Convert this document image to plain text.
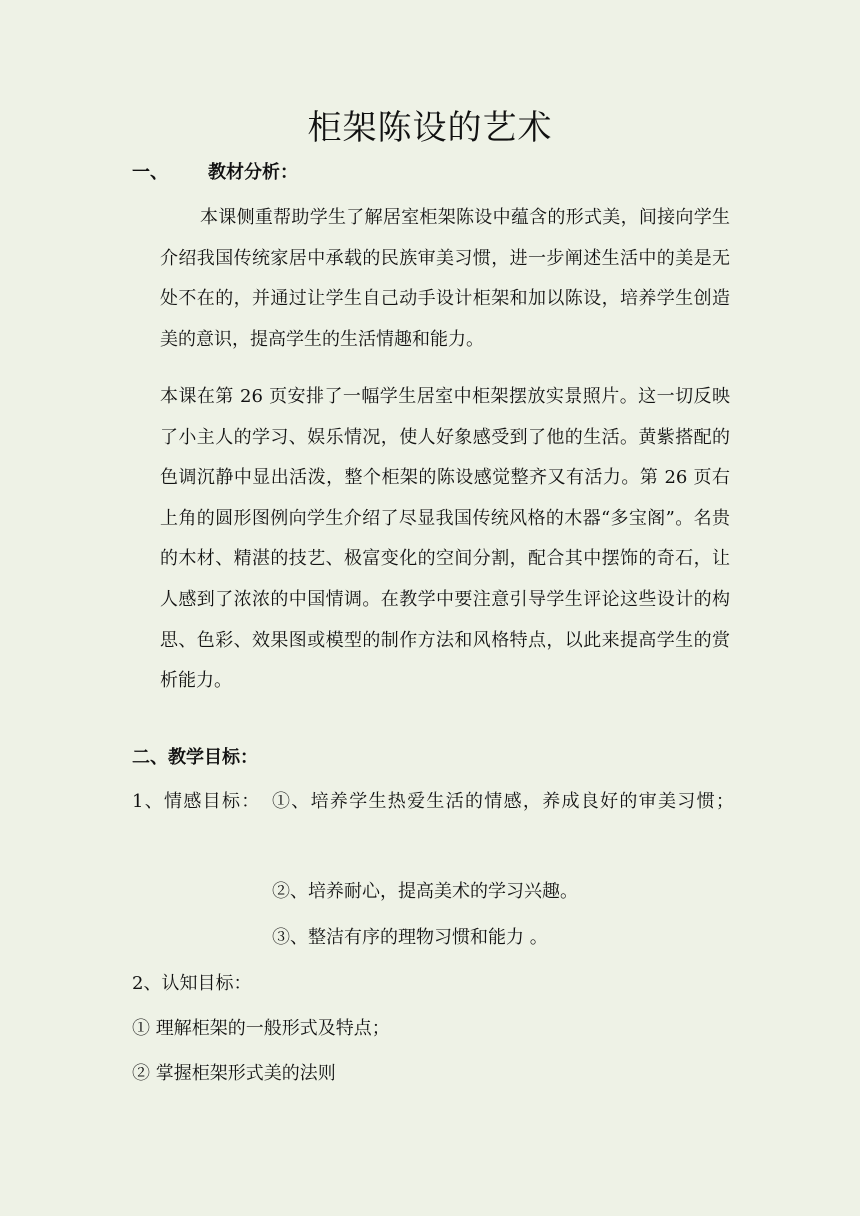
柜架陈设的艺术
一、 教材分析：
本课侧重帮助学生了解居室柜架陈设中蕴含的形式美，间接向学生介绍我国传统家居中承载的民族审美习惯，进一步阐述生活中的美是无处不在的，并通过让学生自己动手设计柜架和加以陈设，培养学生创造美的意识，提高学生的生活情趣和能力。
本课在第 26 页安排了一幅学生居室中柜架摆放实景照片。这一切反映了小主人的学习、娱乐情况，使人好象感受到了他的生活。黄紫搭配的色调沉静中显出活泼，整个柜架的陈设感觉整齐又有活力。第 26 页右上角的圆形图例向学生介绍了尽显我国传统风格的木器“多宝阁”。名贵的木材、精湛的技艺、极富变化的空间分割，配合其中摆饰的奇石，让人感到了浓浓的中国情调。在教学中要注意引导学生评论这些设计的构思、色彩、效果图或模型的制作方法和风格特点，以此来提高学生的赏析能力。
二、教学目标：
1、情感目标： ①、培养学生热爱生活的情感，养成良好的审美习惯；
②、培养耐心，提高美术的学习兴趣。
③、整洁有序的理物习惯和能力 。
2、认知目标：
① 理解柜架的一般形式及特点；
② 掌握柜架形式美的法则
